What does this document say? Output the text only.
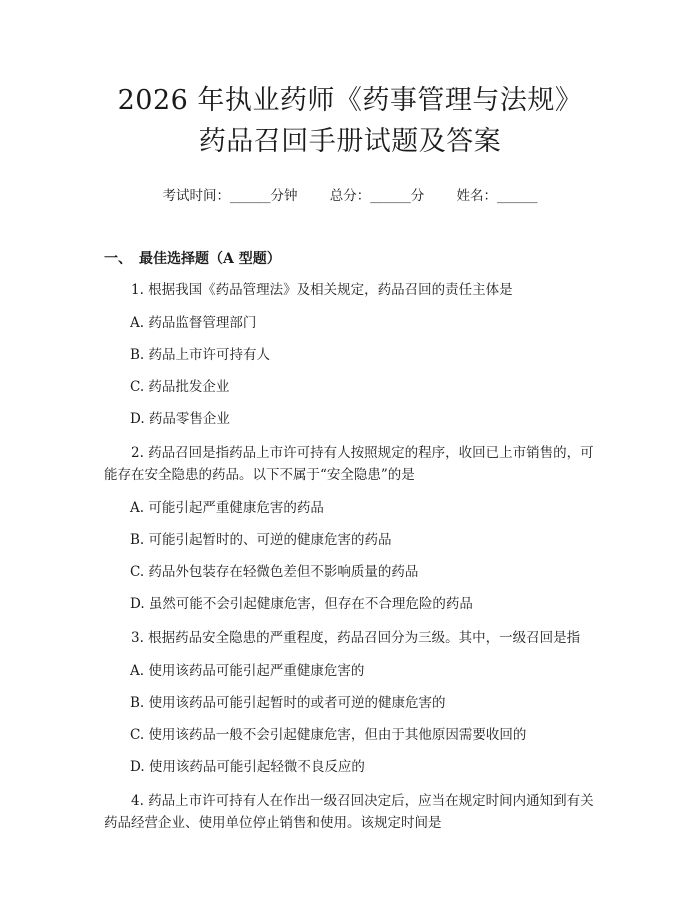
2026 年执业药师《药事管理与法规》药品召回手册试题及答案
考试时间：______分钟 总分：______分 姓名：______
一、　最佳选择题（A 型题）

1. 根据我国《药品管理法》及相关规定，药品召回的责任主体是

A. 药品监督管理部门
B. 药品上市许可持有人
C. 药品批发企业
D. 药品零售企业

2. 药品召回是指药品上市许可持有人按照规定的程序，收回已上市销售的，可能存在安全隐患的药品。以下不属于“安全隐患”的是

A. 可能引起严重健康危害的药品
B. 可能引起暂时的、可逆的健康危害的药品
C. 药品外包装存在轻微色差但不影响质量的药品
D. 虽然可能不会引起健康危害，但存在不合理危险的药品

3. 根据药品安全隐患的严重程度，药品召回分为三级。其中，一级召回是指

A. 使用该药品可能引起严重健康危害的
B. 使用该药品可能引起暂时的或者可逆的健康危害的
C. 使用该药品一般不会引起健康危害，但由于其他原因需要收回的
D. 使用该药品可能引起轻微不良反应的

4. 药品上市许可持有人在作出一级召回决定后，应当在规定时间内通知到有关药品经营企业、使用单位停止销售和使用。该规定时间是
